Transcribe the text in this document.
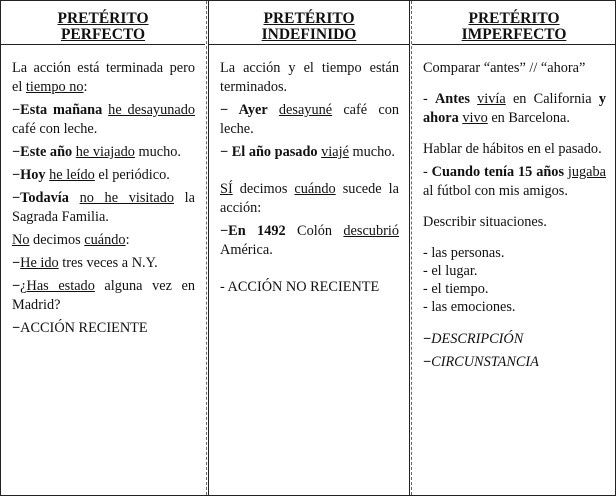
PRETÉRITO
PERFECTO

La acción está terminada pero el tiempo no:

−Esta mañana he desayunado café con leche.

−Este año he viajado mucho.

−Hoy he leído el periódico.

−Todavía no he visitado la Sagrada Familia.

No decimos cuándo:

−He ido tres veces a N.Y.

−¿Has estado alguna vez en Madrid?

−ACCIÓN RECIENTE

PRETÉRITO
INDEFINIDO

La acción y el tiempo están terminados.

− Ayer desayuné café con leche.

− El año pasado viajé mucho.

SÍ decimos cuándo sucede la acción:

−En 1492 Colón descubrió América.

- ACCIÓN NO RECIENTE

PRETÉRITO
IMPERFECTO

Comparar “antes” // “ahora”

- Antes vivía en California y ahora vivo en Barcelona.

Hablar de hábitos en el pasado.

- Cuando tenía 15 años jugaba al fútbol con mis amigos.

Describir situaciones.

- las personas.
- el lugar.
- el tiempo.
- las emociones.

−DESCRIPCIÓN

−CIRCUNSTANCIA
